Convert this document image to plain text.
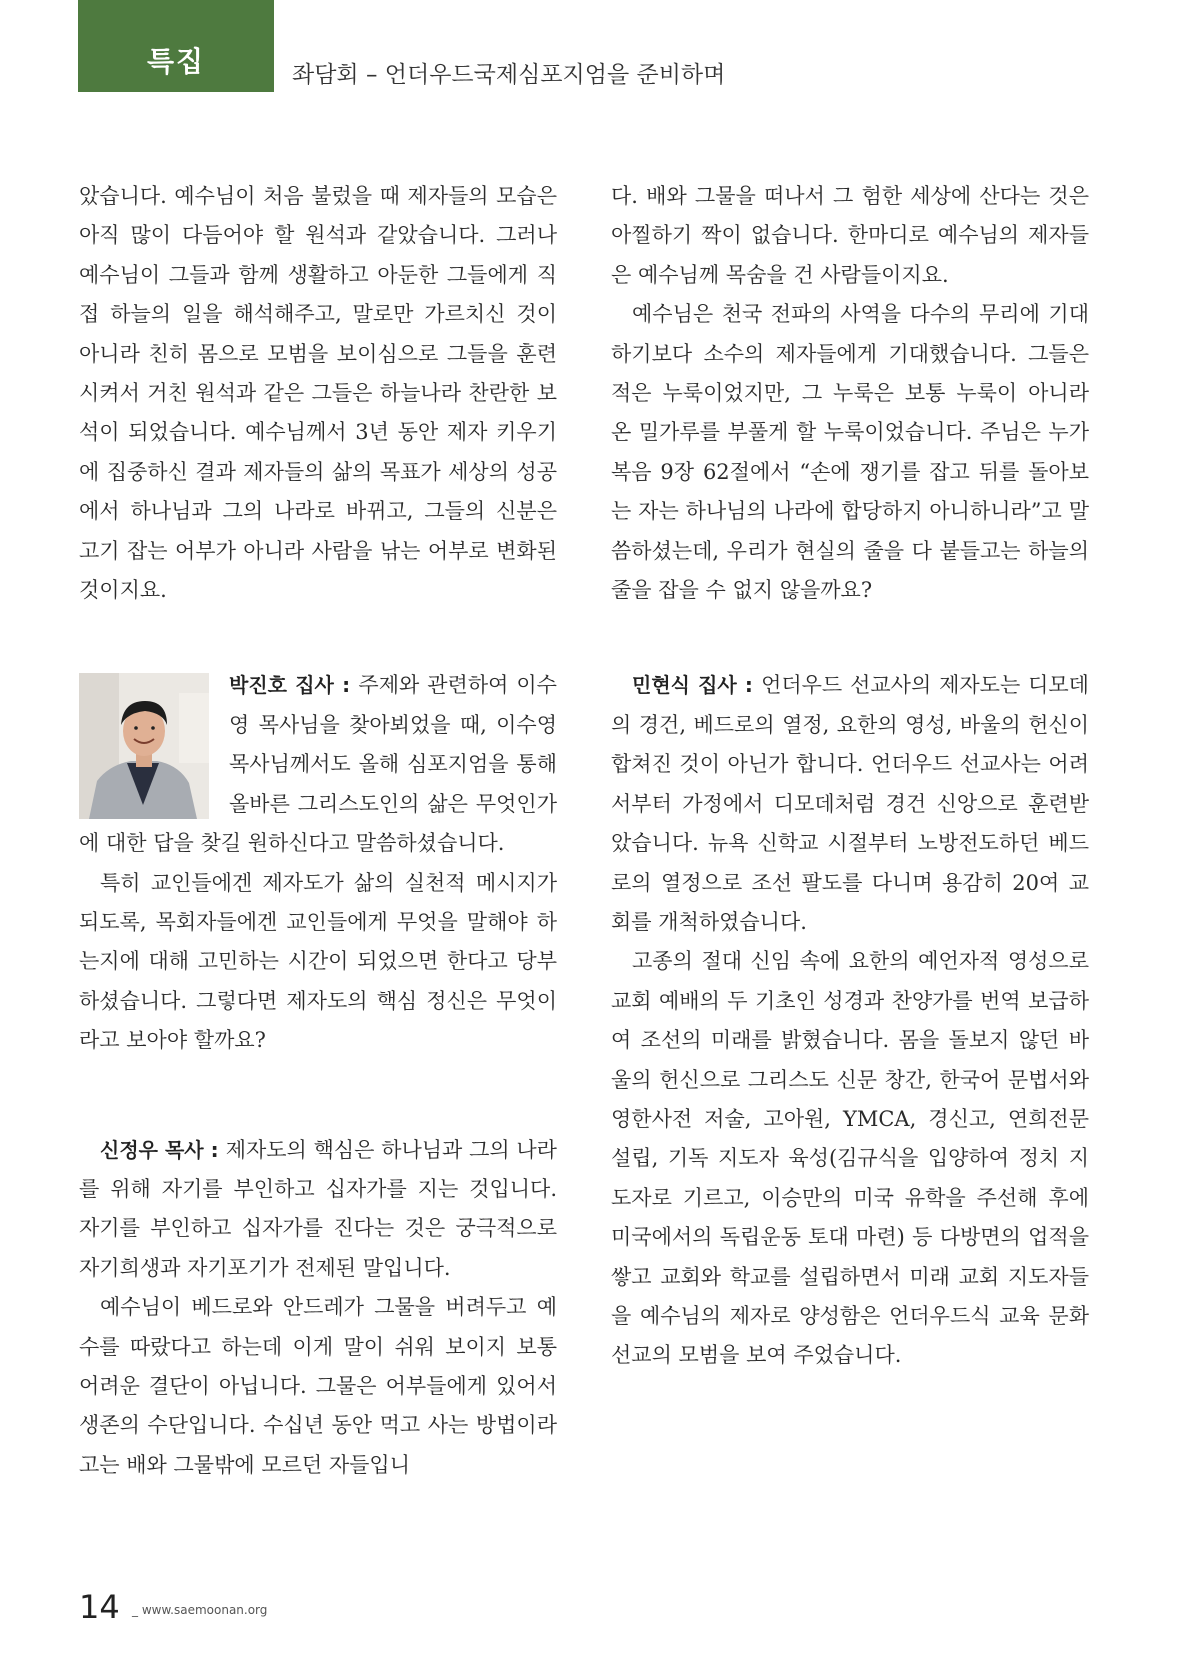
특집	좌담회 – 언더우드국제심포지엄을 준비하며

았습니다. 예수님이 처음 불렀을 때 제자들의 모습은 아직 많이 다듬어야 할 원석과 같았습니다. 그러나 예수님이 그들과 함께 생활하고 아둔한 그들에게 직접 하늘의 일을 해석해주고, 말로만 가르치신 것이 아니라 친히 몸으로 모범을 보이심으로 그들을 훈련시켜서 거친 원석과 같은 그들은 하늘나라 찬란한 보석이 되었습니다. 예수님께서 3년 동안 제자 키우기에 집중하신 결과 제자들의 삶의 목표가 세상의 성공에서 하나님과 그의 나라로 바뀌고, 그들의 신분은 고기 잡는 어부가 아니라 사람을 낚는 어부로 변화된 것이지요.

박진호 집사 : 주제와 관련하여 이수영 목사님을 찾아뵈었을 때, 이수영 목사님께서도 올해 심포지엄을 통해 올바른 그리스도인의 삶은 무엇인가에 대한 답을 찾길 원하신다고 말씀하셨습니다.

특히 교인들에겐 제자도가 삶의 실천적 메시지가 되도록, 목회자들에겐 교인들에게 무엇을 말해야 하는지에 대해 고민하는 시간이 되었으면 한다고 당부하셨습니다. 그렇다면 제자도의 핵심 정신은 무엇이라고 보아야 할까요?

신정우 목사 : 제자도의 핵심은 하나님과 그의 나라를 위해 자기를 부인하고 십자가를 지는 것입니다. 자기를 부인하고 십자가를 진다는 것은 궁극적으로 자기희생과 자기포기가 전제된 말입니다.

예수님이 베드로와 안드레가 그물을 버려두고 예수를 따랐다고 하는데 이게 말이 쉬워 보이지 보통 어려운 결단이 아닙니다. 그물은 어부들에게 있어서 생존의 수단입니다. 수십년 동안 먹고 사는 방법이라고는 배와 그물밖에 모르던 자들입니

다. 배와 그물을 떠나서 그 험한 세상에 산다는 것은 아찔하기 짝이 없습니다. 한마디로 예수님의 제자들은 예수님께 목숨을 건 사람들이지요.

예수님은 천국 전파의 사역을 다수의 무리에 기대하기보다 소수의 제자들에게 기대했습니다. 그들은 적은 누룩이었지만, 그 누룩은 보통 누룩이 아니라 온 밀가루를 부풀게 할 누룩이었습니다. 주님은 누가복음 9장 62절에서 “손에 쟁기를 잡고 뒤를 돌아보는 자는 하나님의 나라에 합당하지 아니하니라”고 말씀하셨는데, 우리가 현실의 줄을 다 붙들고는 하늘의 줄을 잡을 수 없지 않을까요?

민현식 집사 : 언더우드 선교사의 제자도는 디모데의 경건, 베드로의 열정, 요한의 영성, 바울의 헌신이 합쳐진 것이 아닌가 합니다. 언더우드 선교사는 어려서부터 가정에서 디모데처럼 경건 신앙으로 훈련받았습니다. 뉴욕 신학교 시절부터 노방전도하던 베드로의 열정으로 조선 팔도를 다니며 용감히 20여 교회를 개척하였습니다.

고종의 절대 신임 속에 요한의 예언자적 영성으로 교회 예배의 두 기초인 성경과 찬양가를 번역 보급하여 조선의 미래를 밝혔습니다. 몸을 돌보지 않던 바울의 헌신으로 그리스도 신문 창간, 한국어 문법서와 영한사전 저술, 고아원, YMCA, 경신고, 연희전문 설립, 기독 지도자 육성(김규식을 입양하여 정치 지도자로 기르고, 이승만의 미국 유학을 주선해 후에 미국에서의 독립운동 토대 마련) 등 다방면의 업적을 쌓고 교회와 학교를 설립하면서 미래 교회 지도자들을 예수님의 제자로 양성함은 언더우드식 교육 문화 선교의 모범을 보여 주었습니다.

14 _ www.saemoonan.org
